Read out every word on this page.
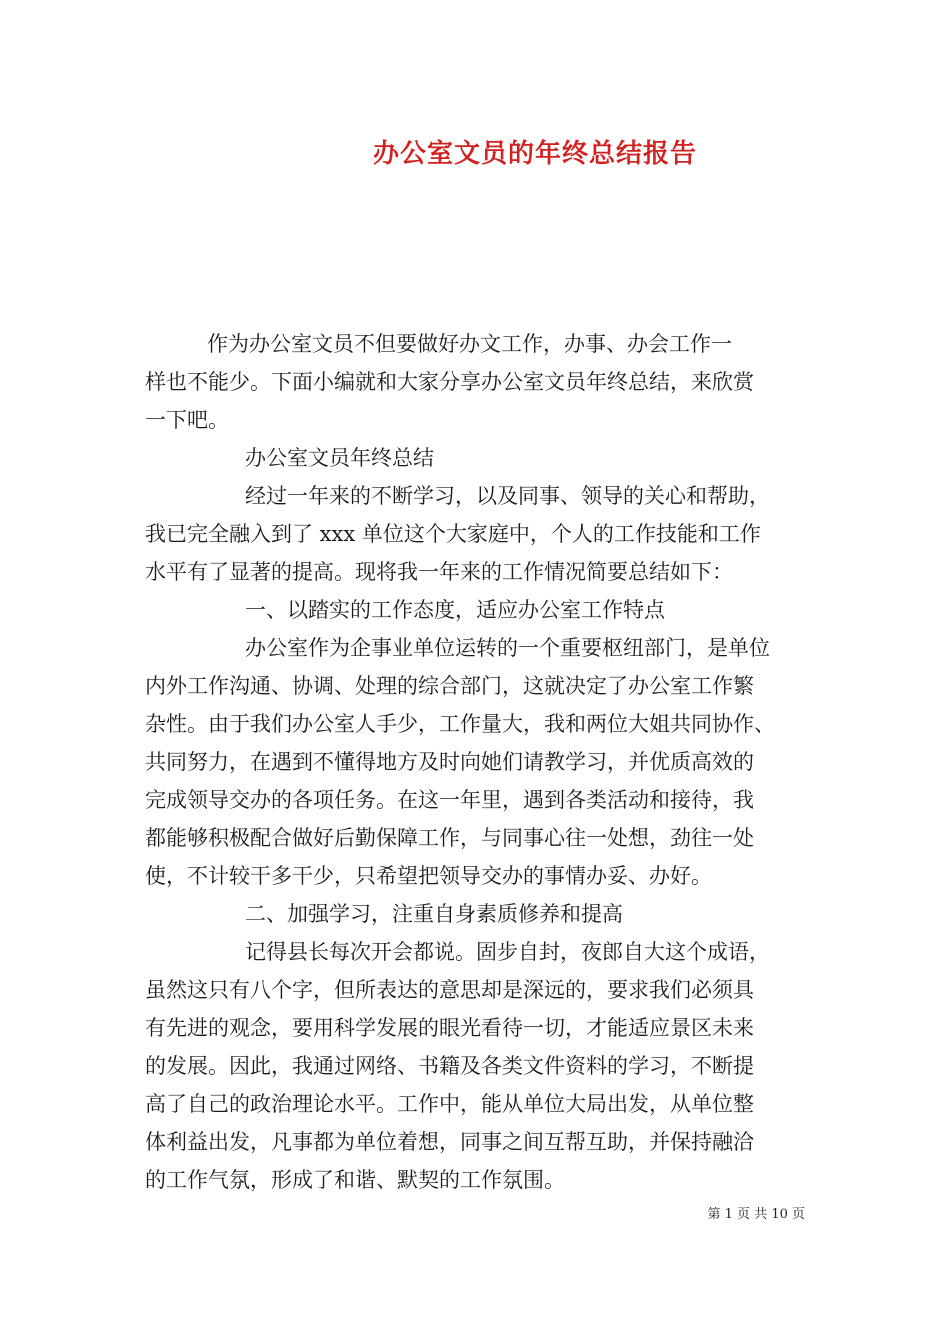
办公室文员的年终总结报告
作为办公室文员不但要做好办文工作，办事、办会工作一
样也不能少。下面小编就和大家分享办公室文员年终总结，来欣赏
一下吧。
办公室文员年终总结
经过一年来的不断学习，以及同事、领导的关心和帮助，
我已完全融入到了 xxx 单位这个大家庭中，个人的工作技能和工作
水平有了显著的提高。现将我一年来的工作情况简要总结如下：
一、以踏实的工作态度，适应办公室工作特点
办公室作为企事业单位运转的一个重要枢纽部门，是单位
内外工作沟通、协调、处理的综合部门，这就决定了办公室工作繁
杂性。由于我们办公室人手少，工作量大，我和两位大姐共同协作、
共同努力，在遇到不懂得地方及时向她们请教学习，并优质高效的
完成领导交办的各项任务。在这一年里，遇到各类活动和接待，我
都能够积极配合做好后勤保障工作，与同事心往一处想，劲往一处
使，不计较干多干少，只希望把领导交办的事情办妥、办好。
二、加强学习，注重自身素质修养和提高
记得县长每次开会都说。固步自封，夜郎自大这个成语，
虽然这只有八个字，但所表达的意思却是深远的，要求我们必须具
有先进的观念，要用科学发展的眼光看待一切，才能适应景区未来
的发展。因此，我通过网络、书籍及各类文件资料的学习，不断提
高了自己的政治理论水平。工作中，能从单位大局出发，从单位整
体利益出发，凡事都为单位着想，同事之间互帮互助，并保持融洽
的工作气氛，形成了和谐、默契的工作氛围。
第 1 页 共 10 页
